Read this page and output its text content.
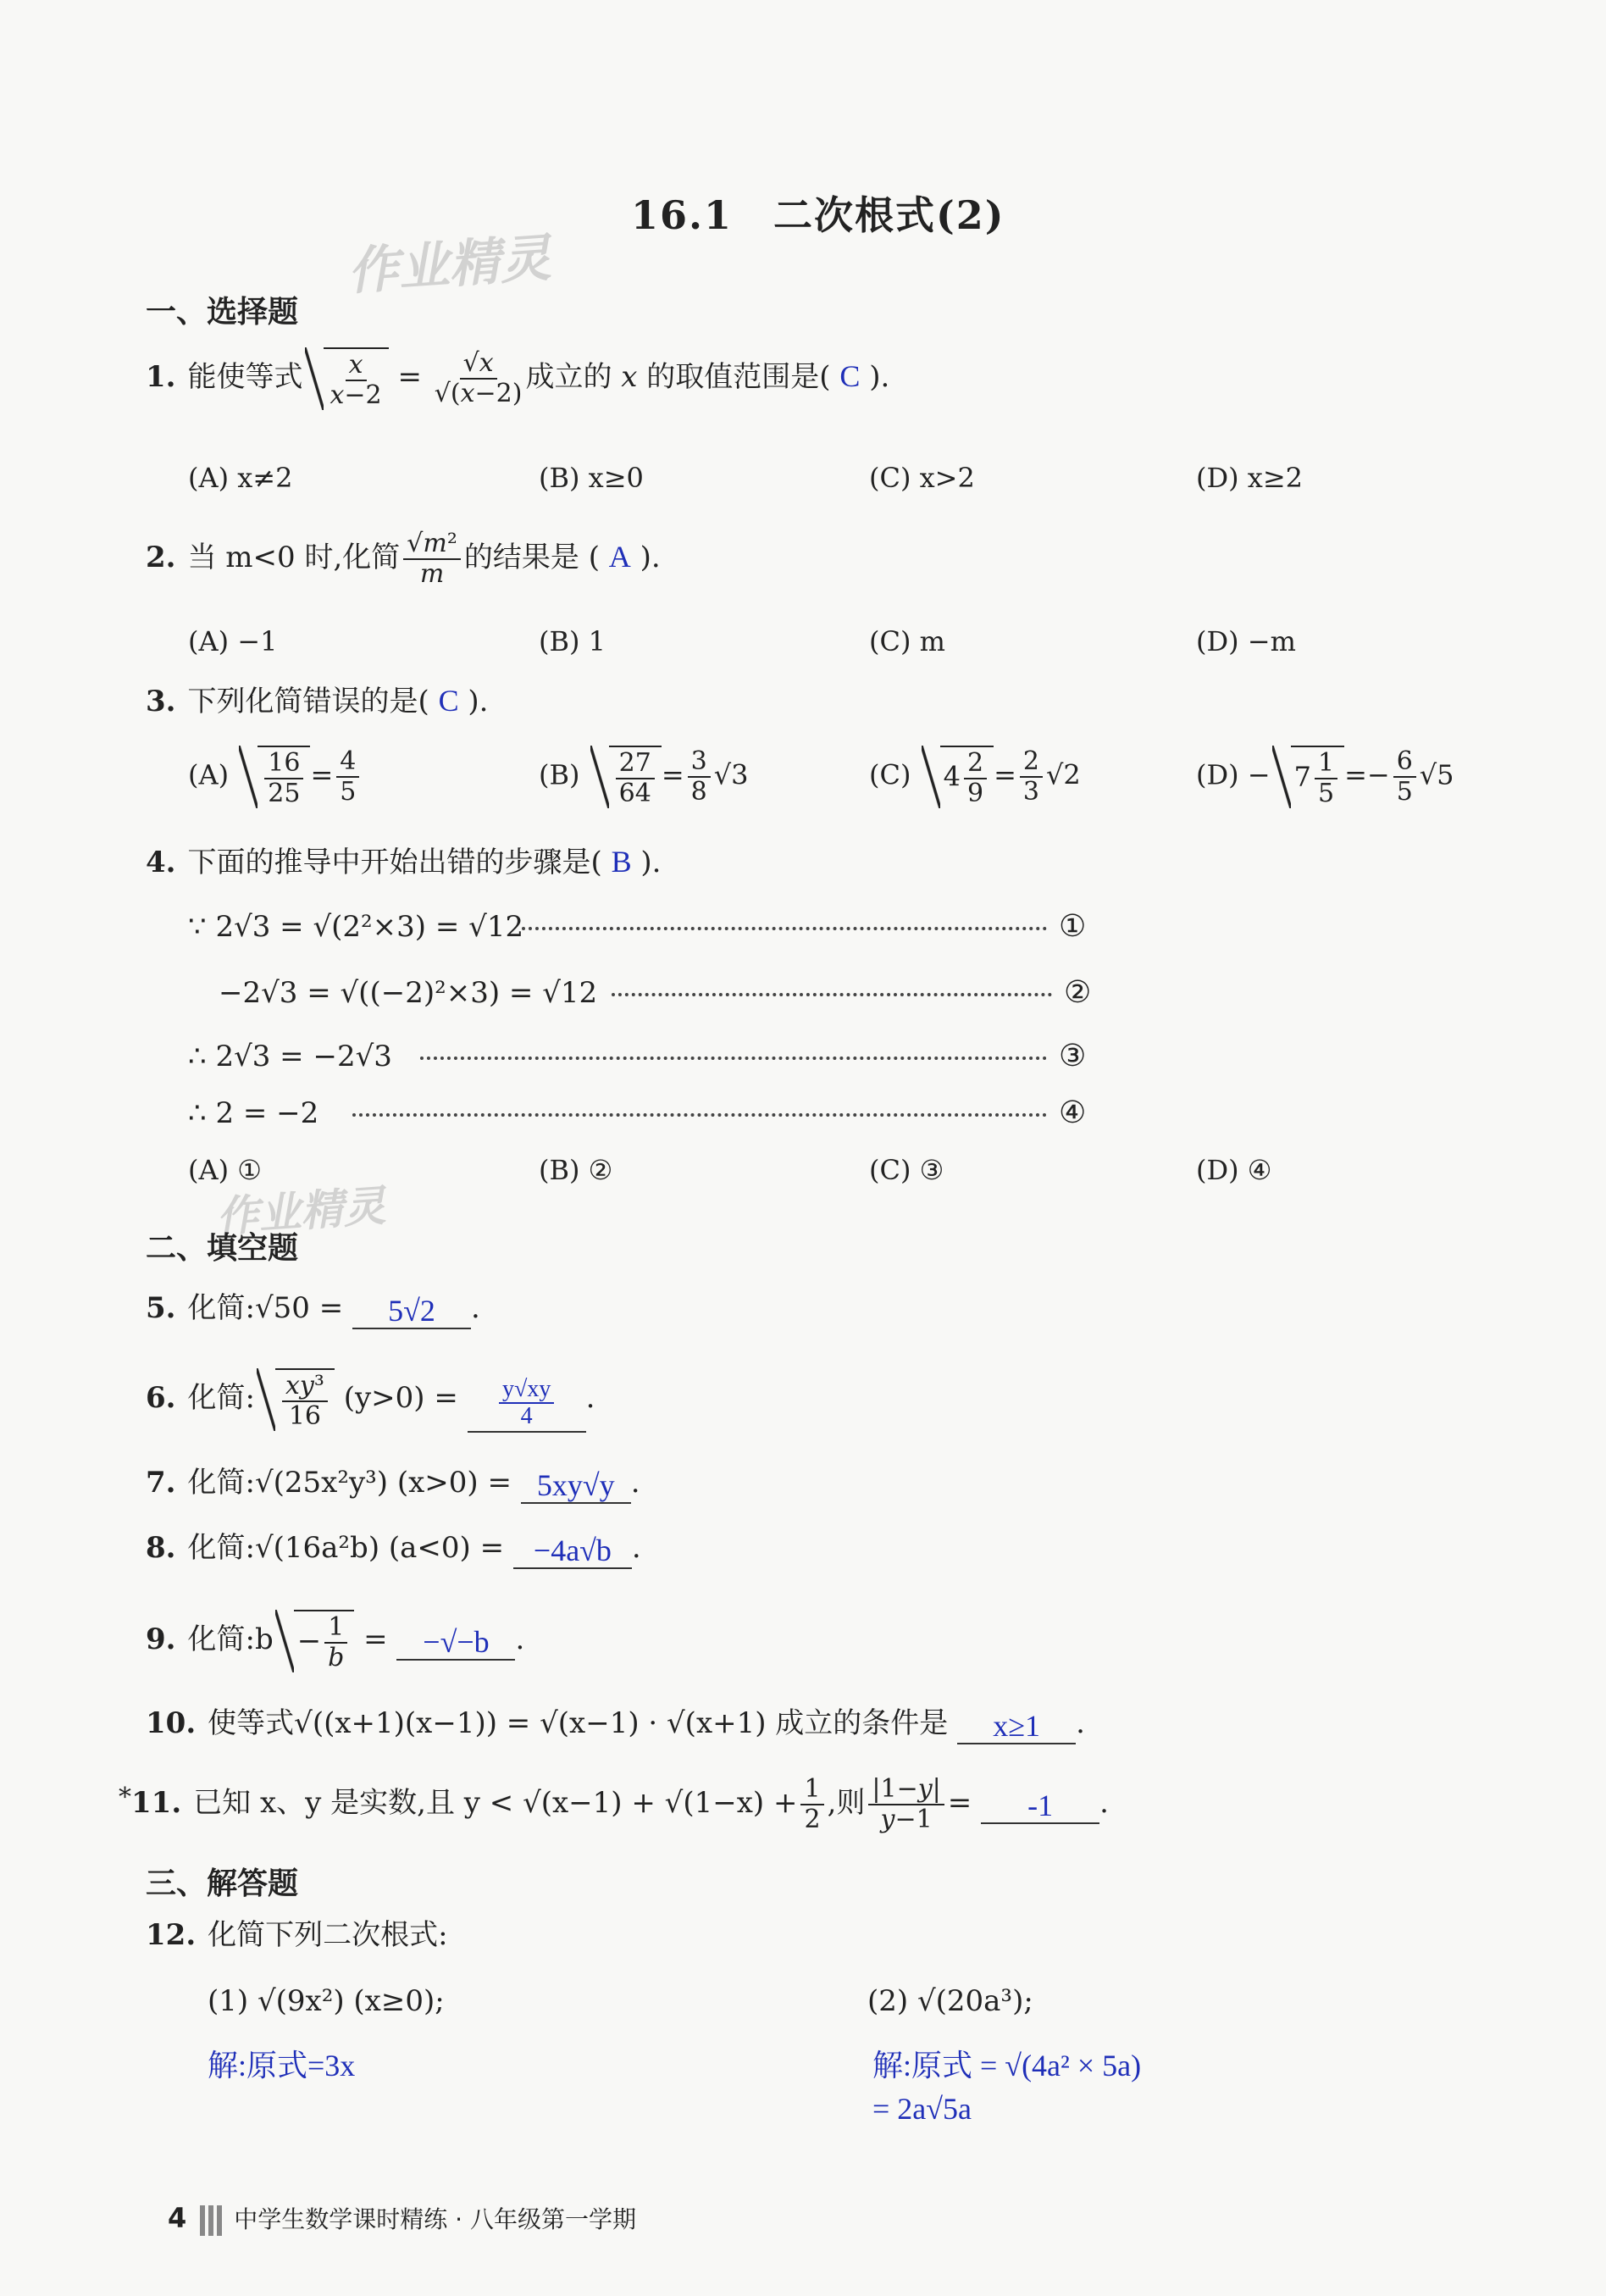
16.1　二次根式(2)
作业精灵
一、选择题
1. 能使等式 $\frac{x}{x-2} = \frac{√x}{√(x-2)}$ 成立的 x 的取值范围是( C ).
(A) x≠2	(B) x≥0	(C) x>2	(D) x≥2
2. 当 m<0 时,化简 $\frac{\text{√m²}}{m}$ 的结果是 ( A ).
(A) −1	(B) 1	(C) m	(D) −m
3. 下列化简错误的是( C ).
$(A) \frac{16}{25} = \frac{4}{5}$	$(B) \frac{27}{64} = \frac{3}{8} √3$	(C) $4 \frac{2}{9} = \frac{2}{3} √2$	$(D) - 7 \frac{1}{5} =- \frac{6}{5} √5$
4. 下面的推导中开始出错的步骤是( B ).
∵ 2√3 = √(2²×3) = √12	①
−2√3 = √((−2)²×3) = √12	②
∴ 2√3 = −2√3	③
∴ 2 = −2	④
(A) ①	(B) ②	(C) ③	(D) ④
作业精灵
二、填空题
5. 化简:√50 = 5√2 .
6. 化简: $\frac{\text{xy³}}{16} (y>0) = \frac{y√xy}{4}$ .
7. 化简:√(25x²y³) (x>0) = 5xy√y .
8. 化简:√(16a²b) (a<0) = −4a√b .
9. 化简:b − $\frac{1}{b} = -√-b$ .
10. 使等式√((x+1)(x−1)) = √(x−1) · √(x+1) 成立的条件是 x≥1 .
*11. 已知 x、y 是实数,且 $y < √(x-1) + √(1-x) + \frac{1}{2}$ ,则 $\frac{|1-y|}{y-1} = -1$ .
三、解答题
12. 化简下列二次根式:
(1) √(9x²) (x≥0);	(2) √(20a³);
解:原式=3x	解:原式 = √(4a² × 5a)
= 2a√5a
4 中学生数学课时精练 · 八年级第一学期
